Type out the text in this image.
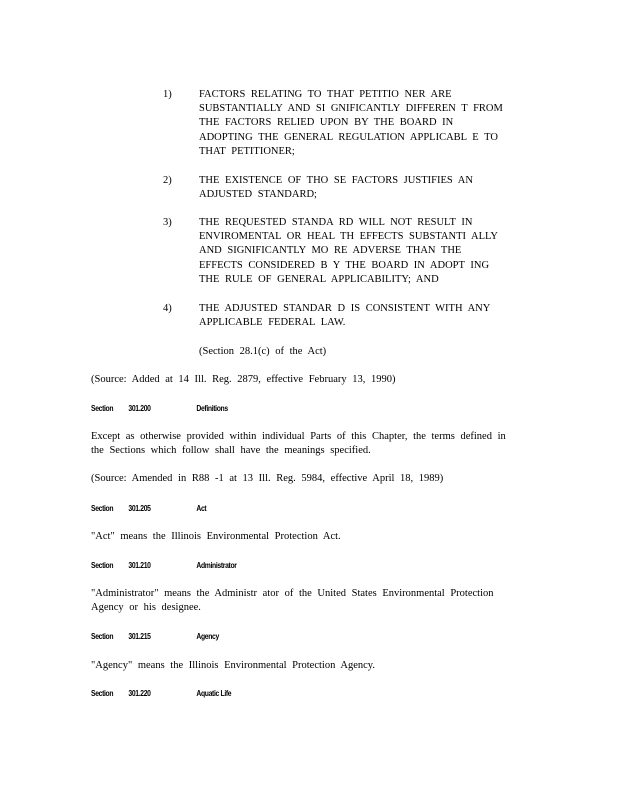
1)	FACTORS RELATING TO THAT PETITIO NER ARE
SUBSTANTIALLY AND SI GNIFICANTLY DIFFEREN T FROM
THE FACTORS RELIED UPON BY THE BOARD IN
ADOPTING THE GENERAL REGULATION APPLICABL E TO
THAT PETITIONER;
2)	THE EXISTENCE OF THO SE FACTORS JUSTIFIES AN
ADJUSTED STANDARD;
3)	THE REQUESTED STANDA RD WILL NOT RESULT IN
ENVIROMENTAL OR HEAL TH EFFECTS SUBSTANTI ALLY
AND SIGNIFICANTLY MO RE ADVERSE THAN THE
EFFECTS CONSIDERED B Y THE BOARD IN ADOPT ING
THE RULE OF GENERAL APPLICABILITY; AND
4)	THE ADJUSTED STANDAR D IS CONSISTENT WITH ANY
APPLICABLE FEDERAL LAW.
(Section 28.1(c) of the Act)
(Source: Added at 14 Ill. Reg. 2879, effective February 13, 1990)
Section 301.200	Definitions
Except as otherwise provided within individual Parts of this Chapter, the terms defined in
the Sections which follow shall have the meanings specified.
(Source: Amended in R88 -1 at 13 Ill. Reg. 5984, effective April 18, 1989)
Section 301.205	Act
"Act" means the Illinois Environmental Protection Act.
Section 301.210	Administrator
"Administrator" means the Administr ator of the United States Environmental Protection
Agency or his designee.
Section 301.215	Agency
"Agency" means the Illinois Environmental Protection Agency.
Section 301.220	Aquatic Life
